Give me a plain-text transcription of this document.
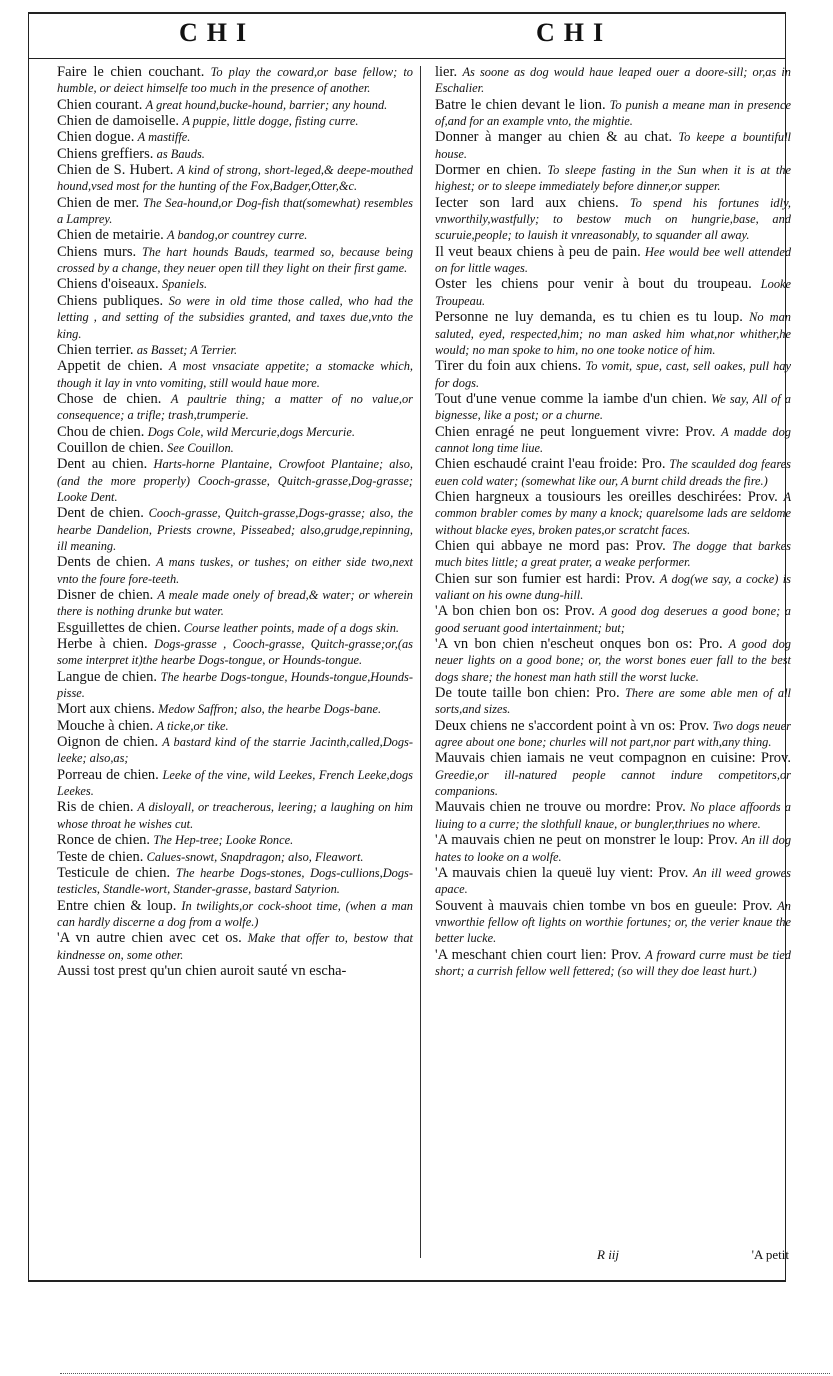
CHI	CHI

Faire le chien couchant. To play the coward,or base fellow; to humble, or deiect himselfe too much in the presence of another.

Chien courant. A great hound,bucke-hound, barrier; any hound.

Chien de damoiselle. A puppie, little dogge, fisting curre.

Chien dogue. A mastiffe.

Chiens greffiers. as Bauds.

Chien de S. Hubert. A kind of strong, short-leged,& deepe-mouthed hound,vsed most for the hunting of the Fox,Badger,Otter,&c.

Chien de mer. The Sea-hound,or Dog-fish that(somewhat) resembles a Lamprey.

Chien de metairie. A bandog,or countrey curre.

Chiens murs. The hart hounds Bauds, tearmed so, because being crossed by a change, they neuer open till they light on their first game.

Chiens d'oiseaux. Spaniels.

Chiens publiques. So were in old time those called, who had the letting , and setting of the subsidies granted, and taxes due,vnto the king.

Chien terrier. as Basset; A Terrier.

Appetit de chien. A most vnsaciate appetite; a stomacke which, though it lay in vnto vomiting, still would haue more.

Chose de chien. A paultrie thing; a matter of no value,or consequence; a trifle; trash,trumperie.

Chou de chien. Dogs Cole, wild Mercurie,dogs Mercurie.

Couillon de chien. See Couillon.

Dent au chien. Harts-horne Plantaine, Crowfoot Plantaine; also,(and the more properly) Cooch-grasse, Quitch-grasse,Dog-grasse; Looke Dent.

Dent de chien. Cooch-grasse, Quitch-grasse,Dogs-grasse; also, the hearbe Dandelion, Priests crowne, Pisseabed; also,grudge,repinning, ill meaning.

Dents de chien. A mans tuskes, or tushes; on either side two,next vnto the foure fore-teeth.

Disner de chien. A meale made onely of bread,& water; or wherein there is nothing drunke but water.

Esguillettes de chien. Course leather points, made of a dogs skin.

Herbe à chien. Dogs-grasse , Cooch-grasse, Quitch-grasse;or,(as some interpret it)the hearbe Dogs-tongue, or Hounds-tongue.

Langue de chien. The hearbe Dogs-tongue, Hounds-tongue,Hounds-pisse.

Mort aux chiens. Medow Saffron; also, the hearbe Dogs-bane.

Mouche à chien. A ticke,or tike.

Oignon de chien. A bastard kind of the starrie Jacinth,called,Dogs-leeke; also,as;

Porreau de chien. Leeke of the vine, wild Leekes, French Leeke,dogs Leekes.

Ris de chien. A disloyall, or treacherous, leering; a laughing on him whose throat he wishes cut.

Ronce de chien. The Hep-tree; Looke Ronce.

Teste de chien. Calues-snowt, Snapdragon; also, Fleawort.

Testicule de chien. The hearbe Dogs-stones, Dogs-cullions,Dogs-testicles, Standle-wort, Stander-grasse, bastard Satyrion.

Entre chien & loup. In twilights,or cock-shoot time, (when a man can hardly discerne a dog from a wolfe.)

'A vn autre chien avec cet os. Make that offer to, bestow that kindnesse on, some other.

Aussi tost prest qu'un chien auroit sauté vn escha-

lier. As soone as dog would haue leaped ouer a doore-sill; or,as in Eschalier.

Batre le chien devant le lion. To punish a meane man in presence of,and for an example vnto, the mightie.

Donner à manger au chien & au chat. To keepe a bountifull house.

Dormer en chien. To sleepe fasting in the Sun when it is at the highest; or to sleepe immediately before dinner,or supper.

Iecter son lard aux chiens. To spend his fortunes idly, vnworthily,wastfully; to bestow much on hungrie,base, and scuruie,people; to lauish it vnreasonably, to squander all away.

Il veut beaux chiens à peu de pain. Hee would bee well attended on for little wages.

Oster les chiens pour venir à bout du troupeau. Looke Troupeau.

Personne ne luy demanda, es tu chien es tu loup. No man saluted, eyed, respected,him; no man asked him what,nor whither,he would; no man spoke to him, no one tooke notice of him.

Tirer du foin aux chiens. To vomit, spue, cast, sell oakes, pull hay for dogs.

Tout d'une venue comme la iambe d'un chien. We say, All of a bignesse, like a post; or a churne.

Chien enragé ne peut longuement vivre: Prov. A madde dog cannot long time liue.

Chien eschaudé craint l'eau froide: Pro. The scaulded dog feares euen cold water; (somewhat like our, A burnt child dreads the fire.)

Chien hargneux a tousiours les oreilles deschirées: Prov. A common brabler comes by many a knock; quarelsome lads are seldome without blacke eyes, broken pates,or scratcht faces.

Chien qui abbaye ne mord pas: Prov. The dogge that barkes much bites little; a great prater, a weake performer.

Chien sur son fumier est hardi: Prov. A dog(we say, a cocke) is valiant on his owne dung-hill.

'A bon chien bon os: Prov. A good dog deserues a good bone; a good seruant good intertainment; but;

'A vn bon chien n'escheut onques bon os: Pro. A good dog neuer lights on a good bone; or, the worst bones euer fall to the best dogs share; the honest man hath still the worst lucke.

De toute taille bon chien: Pro. There are some able men of all sorts,and sizes.

Deux chiens ne s'accordent point à vn os: Prov. Two dogs neuer agree about one bone; churles will not part,nor part with,any thing.

Mauvais chien iamais ne veut compagnon en cuisine: Prov. Greedie,or ill-natured people cannot indure competitors,or companions.

Mauvais chien ne trouve ou mordre: Prov. No place affoords a liuing to a curre; the slothfull knaue, or bungler,thriues no where.

'A mauvais chien ne peut on monstrer le loup: Prov. An ill dog hates to looke on a wolfe.

'A mauvais chien la queuë luy vient: Prov. An ill weed growes apace.

Souvent à mauvais chien tombe vn bos en gueule: Prov. An vnworthie fellow oft lights on worthie fortunes; or, the verier knaue the better lucke.

'A meschant chien court lien: Prov. A froward curre must be tied short; a currish fellow well fettered; (so will they doe least hurt.)

R iij	'A petit
